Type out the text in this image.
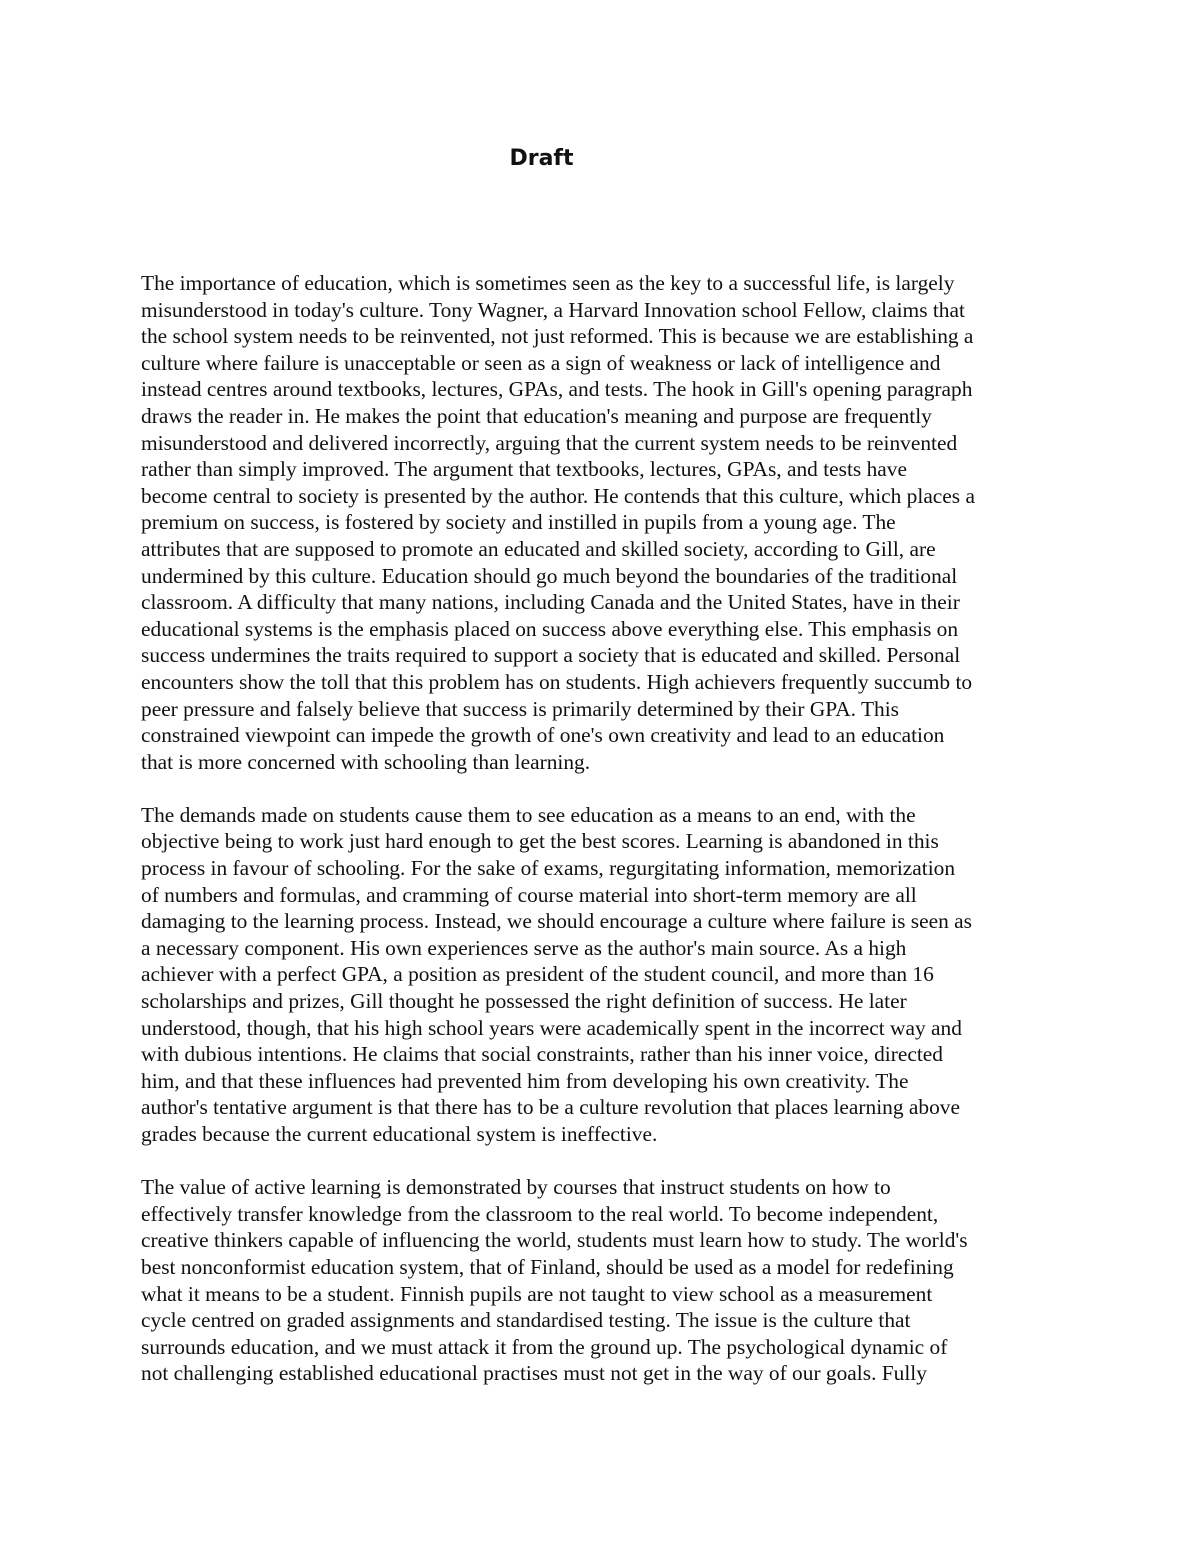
Draft

The importance of education, which is sometimes seen as the key to a successful life, is largely
misunderstood in today's culture. Tony Wagner, a Harvard Innovation school Fellow, claims that
the school system needs to be reinvented, not just reformed. This is because we are establishing a
culture where failure is unacceptable or seen as a sign of weakness or lack of intelligence and
instead centres around textbooks, lectures, GPAs, and tests. The hook in Gill's opening paragraph
draws the reader in. He makes the point that education's meaning and purpose are frequently
misunderstood and delivered incorrectly, arguing that the current system needs to be reinvented
rather than simply improved. The argument that textbooks, lectures, GPAs, and tests have
become central to society is presented by the author. He contends that this culture, which places a
premium on success, is fostered by society and instilled in pupils from a young age. The
attributes that are supposed to promote an educated and skilled society, according to Gill, are
undermined by this culture. Education should go much beyond the boundaries of the traditional
classroom. A difficulty that many nations, including Canada and the United States, have in their
educational systems is the emphasis placed on success above everything else. This emphasis on
success undermines the traits required to support a society that is educated and skilled. Personal
encounters show the toll that this problem has on students. High achievers frequently succumb to
peer pressure and falsely believe that success is primarily determined by their GPA. This
constrained viewpoint can impede the growth of one's own creativity and lead to an education
that is more concerned with schooling than learning.

The demands made on students cause them to see education as a means to an end, with the
objective being to work just hard enough to get the best scores. Learning is abandoned in this
process in favour of schooling. For the sake of exams, regurgitating information, memorization
of numbers and formulas, and cramming of course material into short-term memory are all
damaging to the learning process. Instead, we should encourage a culture where failure is seen as
a necessary component. His own experiences serve as the author's main source. As a high
achiever with a perfect GPA, a position as president of the student council, and more than 16
scholarships and prizes, Gill thought he possessed the right definition of success. He later
understood, though, that his high school years were academically spent in the incorrect way and
with dubious intentions. He claims that social constraints, rather than his inner voice, directed
him, and that these influences had prevented him from developing his own creativity. The
author's tentative argument is that there has to be a culture revolution that places learning above
grades because the current educational system is ineffective.

The value of active learning is demonstrated by courses that instruct students on how to
effectively transfer knowledge from the classroom to the real world. To become independent,
creative thinkers capable of influencing the world, students must learn how to study. The world's
best nonconformist education system, that of Finland, should be used as a model for redefining
what it means to be a student. Finnish pupils are not taught to view school as a measurement
cycle centred on graded assignments and standardised testing. The issue is the culture that
surrounds education, and we must attack it from the ground up. The psychological dynamic of
not challenging established educational practises must not get in the way of our goals. Fully
